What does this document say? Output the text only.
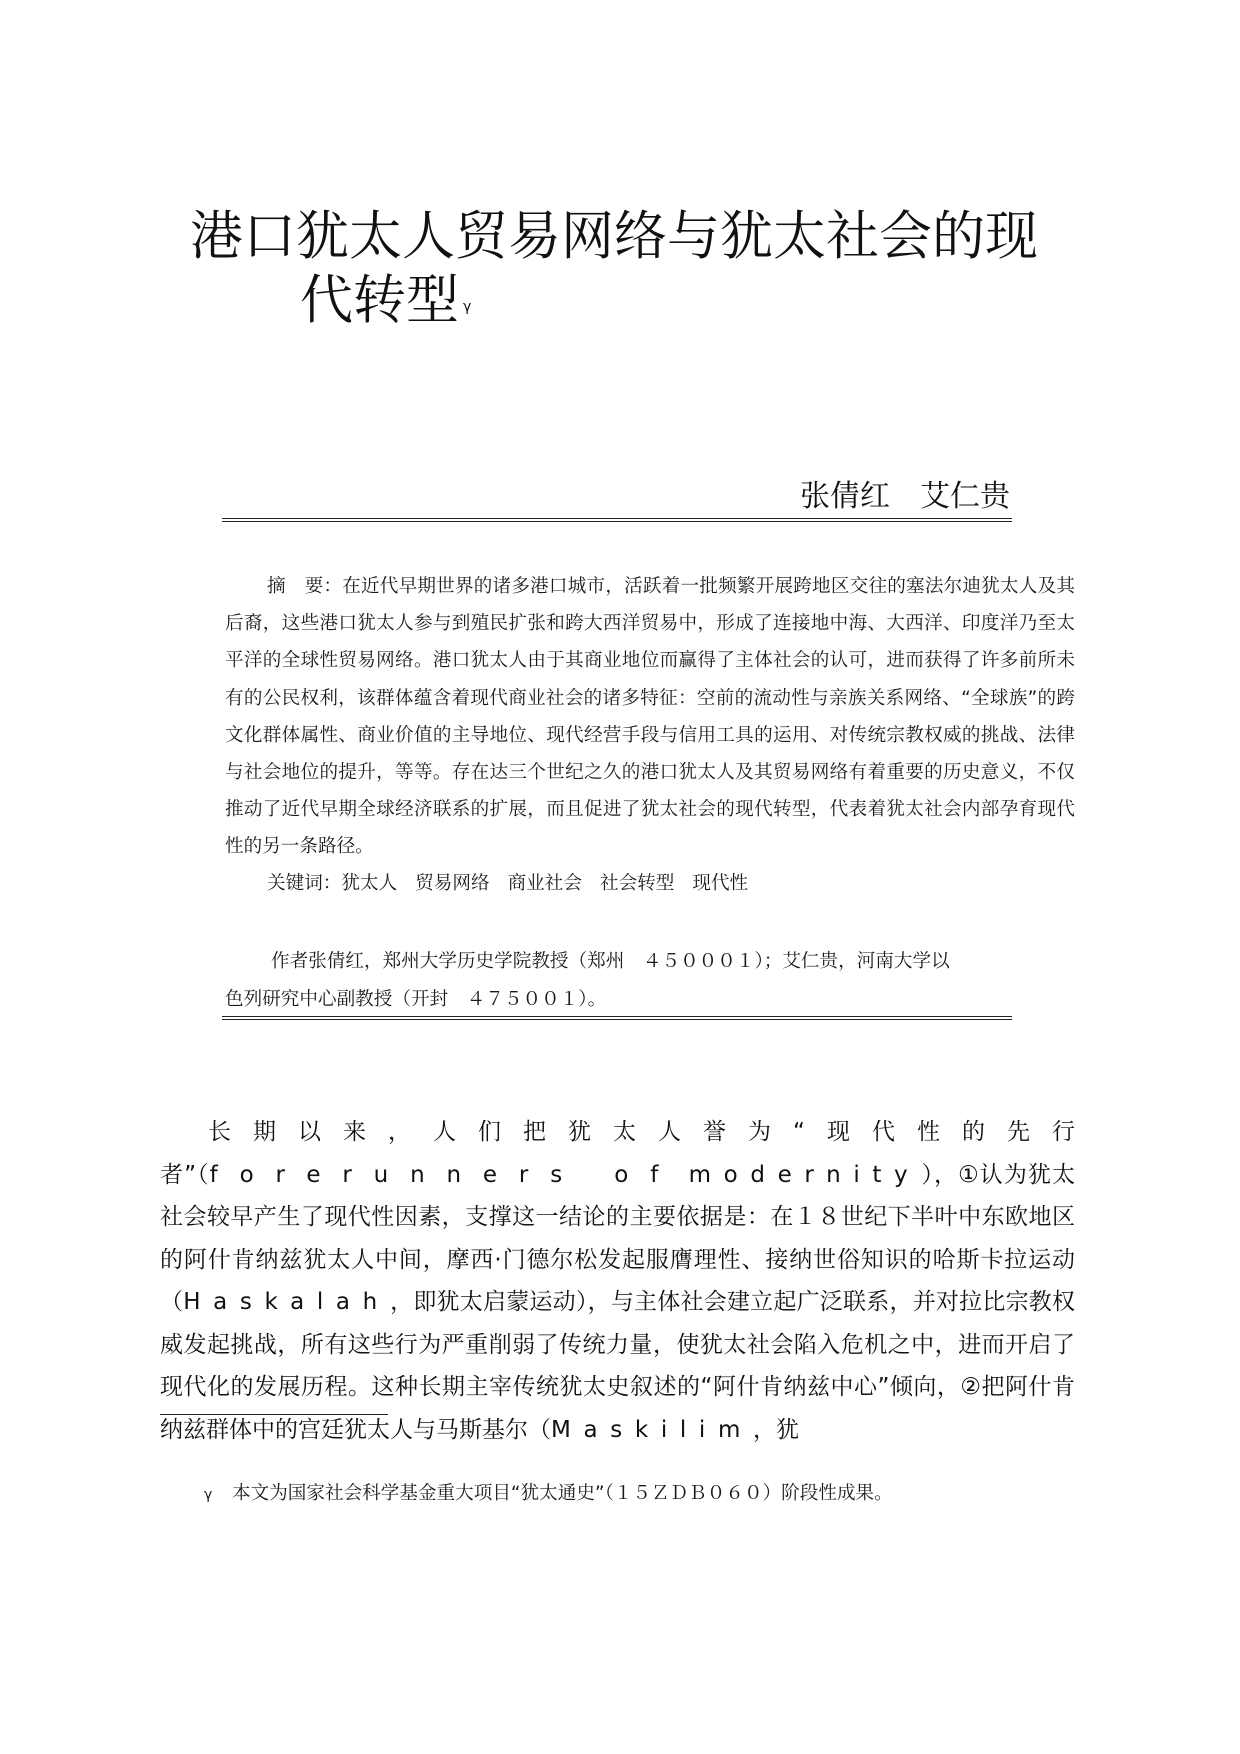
港口犹太人贸易网络与犹太社会的现
代转型 $^\gamma$
张倩红 艾仁贵
摘　要：在近代早期世界的诸多港口城市，活跃着一批频繁开展跨地区交往的塞法尔迪犹太人及其后裔，这些港口犹太人参与到殖民扩张和跨大西洋贸易中，形成了连接地中海、大西洋、印度洋乃至太平洋的全球性贸易网络。港口犹太人由于其商业地位而赢得了主体社会的认可，进而获得了许多前所未有的公民权利，该群体蕴含着现代商业社会的诸多特征：空前的流动性与亲族关系网络、“全球族”的跨文化群体属性、商业价值的主导地位、现代经营手段与信用工具的运用、对传统宗教权威的挑战、法律与社会地位的提升，等等。存在达三个世纪之久的港口犹太人及其贸易网络有着重要的历史意义，不仅推动了近代早期全球经济联系的扩展，而且促进了犹太社会的现代转型，代表着犹太社会内部孕育现代性的另一条路径。
关键词：犹太人 贸易网络 商业社会 社会转型 现代性
作者张倩红，郑州大学历史学院教授（郑州　４５０００１）；艾仁贵，河南大学以
色列研究中心副教授（开封　４７５００１）。
长期以来，人们把犹太人誉为“现代性的先行者”（forerunners of modernity），①认为犹太社会较早产生了现代性因素，支撑这一结论的主要依据是：在１８世纪下半叶中东欧地区的阿什肯纳兹犹太人中间，摩西·门德尔松发起服膺理性、接纳世俗知识的哈斯卡拉运动（Haskalah，即犹太启蒙运动），与主体社会建立起广泛联系，并对拉比宗教权威发起挑战，所有这些行为严重削弱了传统力量，使犹太社会陷入危机之中，进而开启了现代化的发展历程。这种长期主宰传统犹太史叙述的“阿什肯纳兹中心”倾向，②把阿什肯纳兹群体中的宫廷犹太人与马斯基尔（Maskilim，犹
γ 本文为国家社会科学基金重大项目“犹太通史”（１５ＺＤＢ０６０）阶段性成果。
